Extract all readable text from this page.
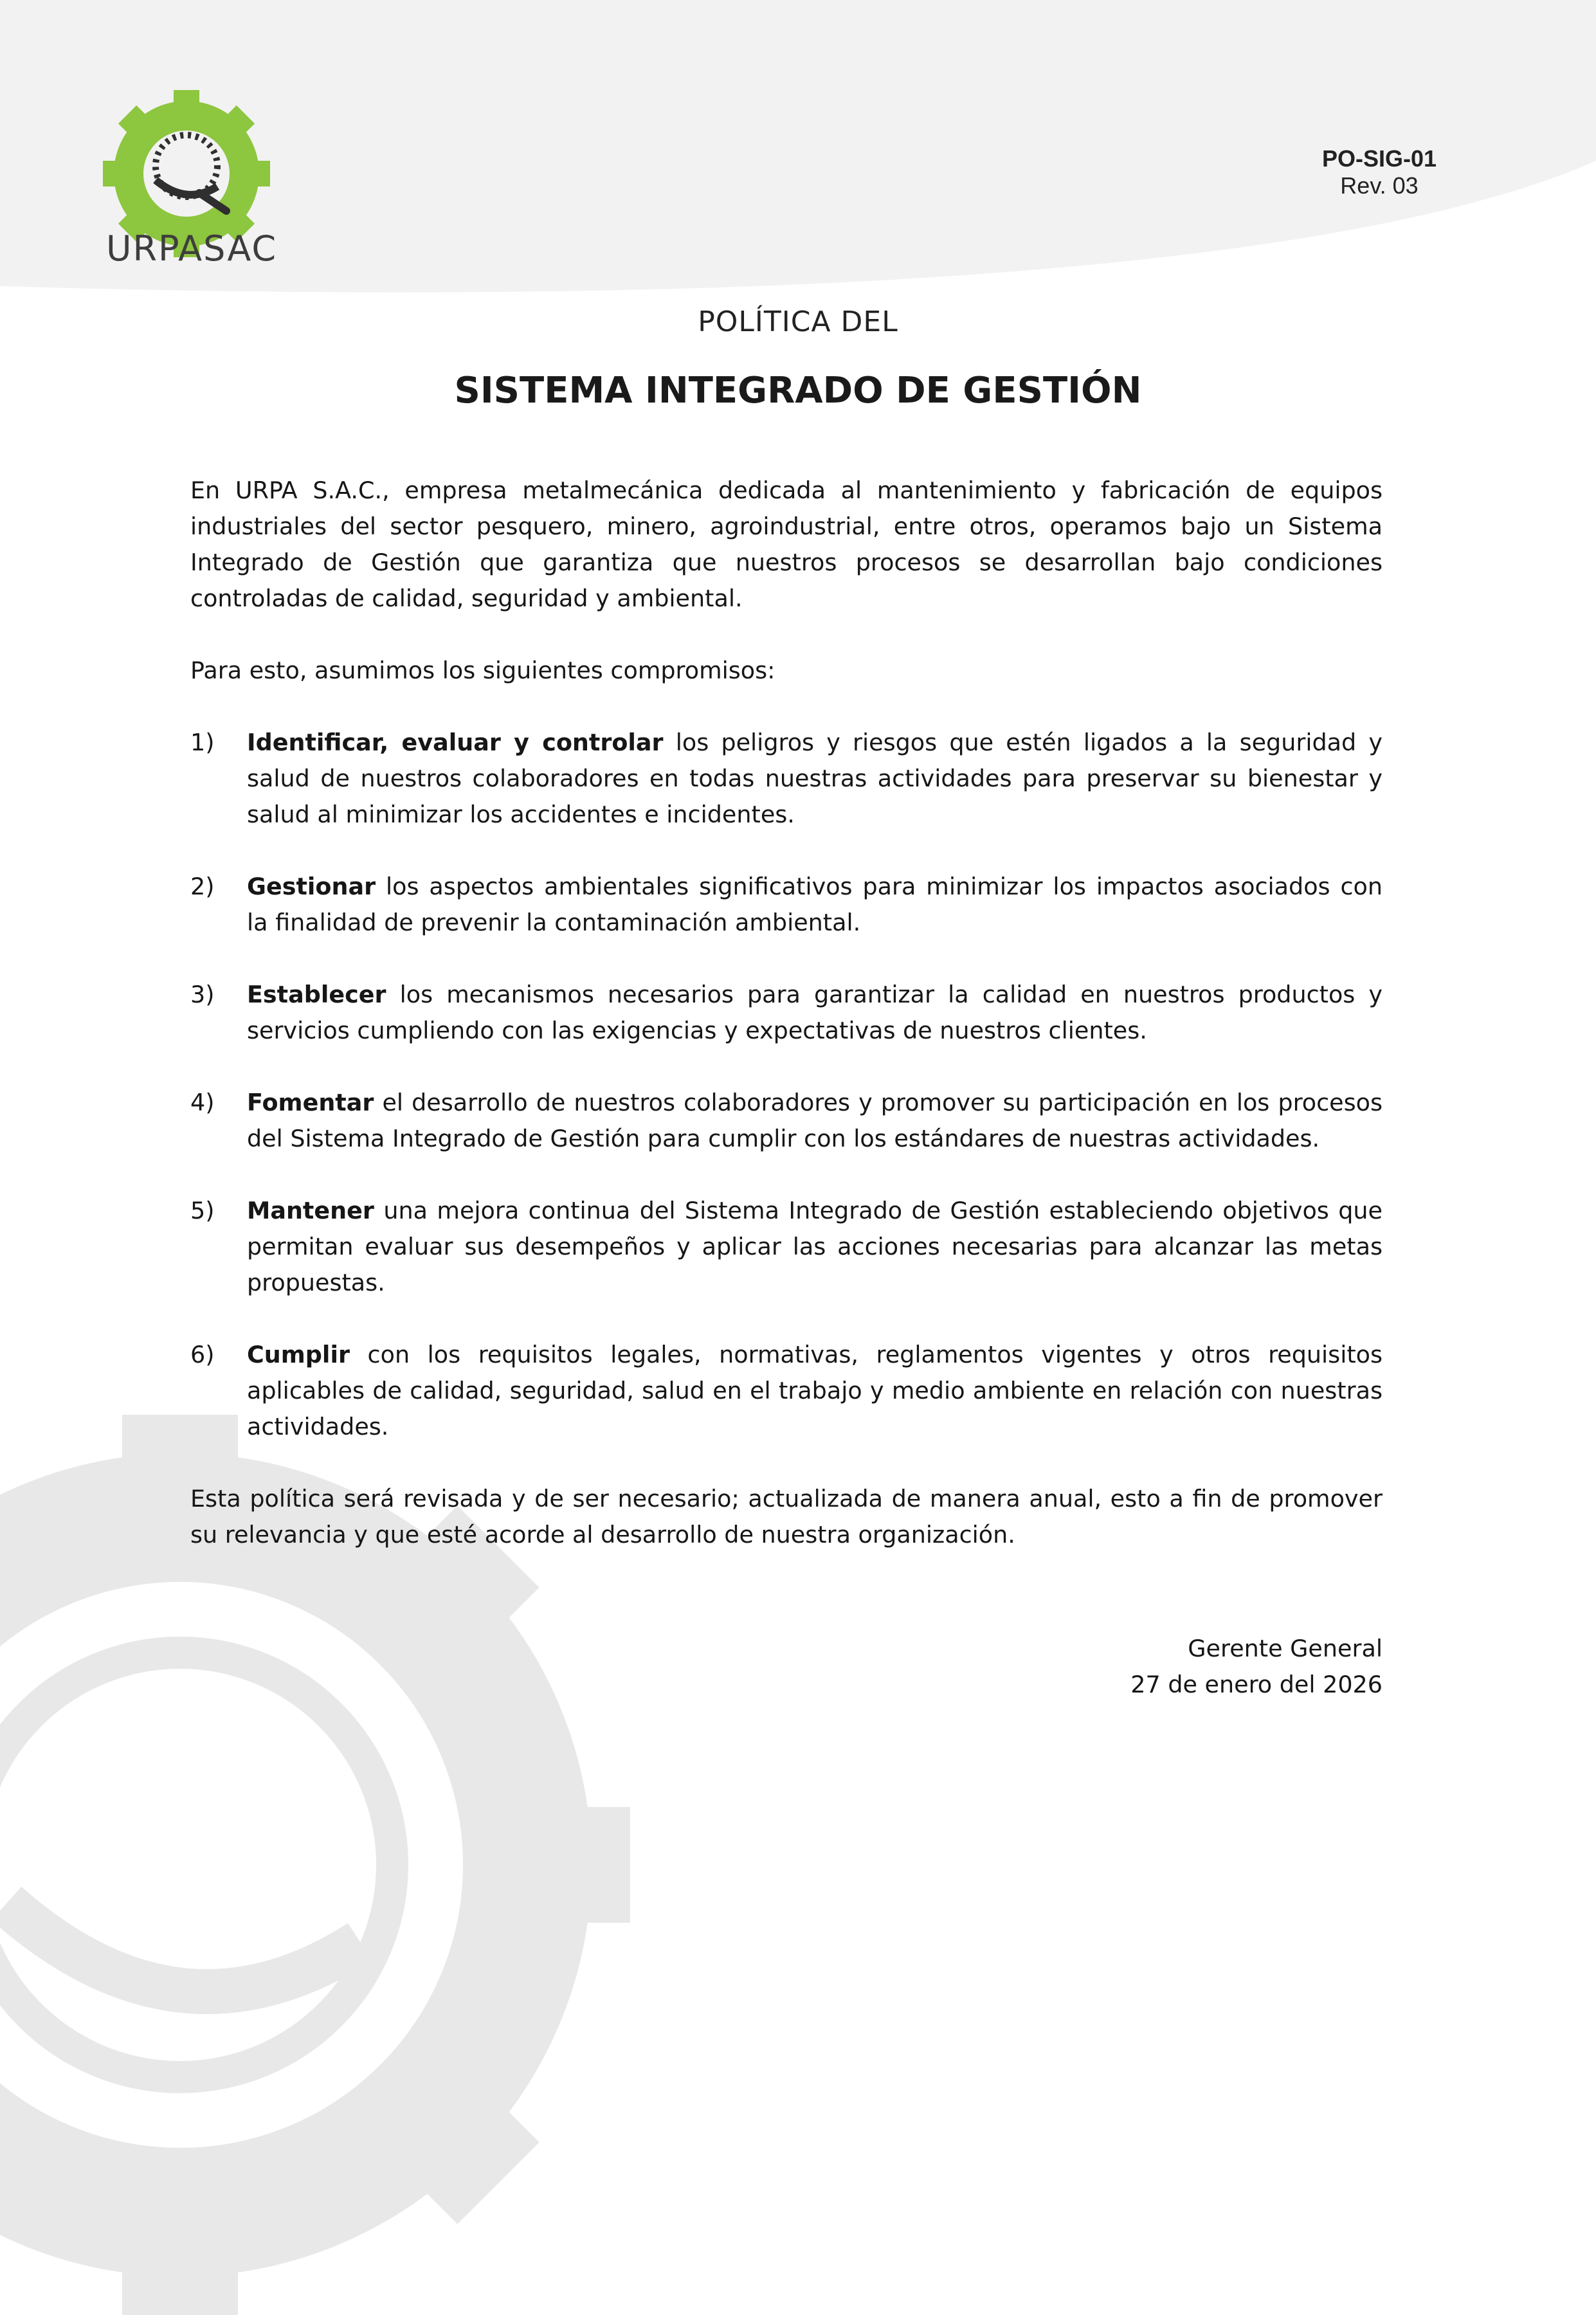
URPASAC
PO-SIG-01
Rev. 03
POLÍTICA DEL
SISTEMA INTEGRADO DE GESTIÓN

En URPA S.A.C., empresa metalmecánica dedicada al mantenimiento y fabricación de equipos industriales del sector pesquero, minero, agroindustrial, entre otros, operamos bajo un Sistema Integrado de Gestión que garantiza que nuestros procesos se desarrollan bajo condiciones controladas de calidad, seguridad y ambiental.

Para esto, asumimos los siguientes compromisos:

1)	Identificar, evaluar y controlar los peligros y riesgos que estén ligados a la seguridad y salud de nuestros colaboradores en todas nuestras actividades para preservar su bienestar y salud al minimizar los accidentes e incidentes.
2)	Gestionar los aspectos ambientales significativos para minimizar los impactos asociados con la finalidad de prevenir la contaminación ambiental.
3)	Establecer los mecanismos necesarios para garantizar la calidad en nuestros productos y servicios cumpliendo con las exigencias y expectativas de nuestros clientes.
4)	Fomentar el desarrollo de nuestros colaboradores y promover su participación en los procesos del Sistema Integrado de Gestión para cumplir con los estándares de nuestras actividades.
5)	Mantener una mejora continua del Sistema Integrado de Gestión estableciendo objetivos que permitan evaluar sus desempeños y aplicar las acciones necesarias para alcanzar las metas propuestas.
6)	Cumplir con los requisitos legales, normativas, reglamentos vigentes y otros requisitos aplicables de calidad, seguridad, salud en el trabajo y medio ambiente en relación con nuestras actividades.

Esta política será revisada y de ser necesario; actualizada de manera anual, esto a fin de promover su relevancia y que esté acorde al desarrollo de nuestra organización.

Gerente General
27 de enero del 2026
